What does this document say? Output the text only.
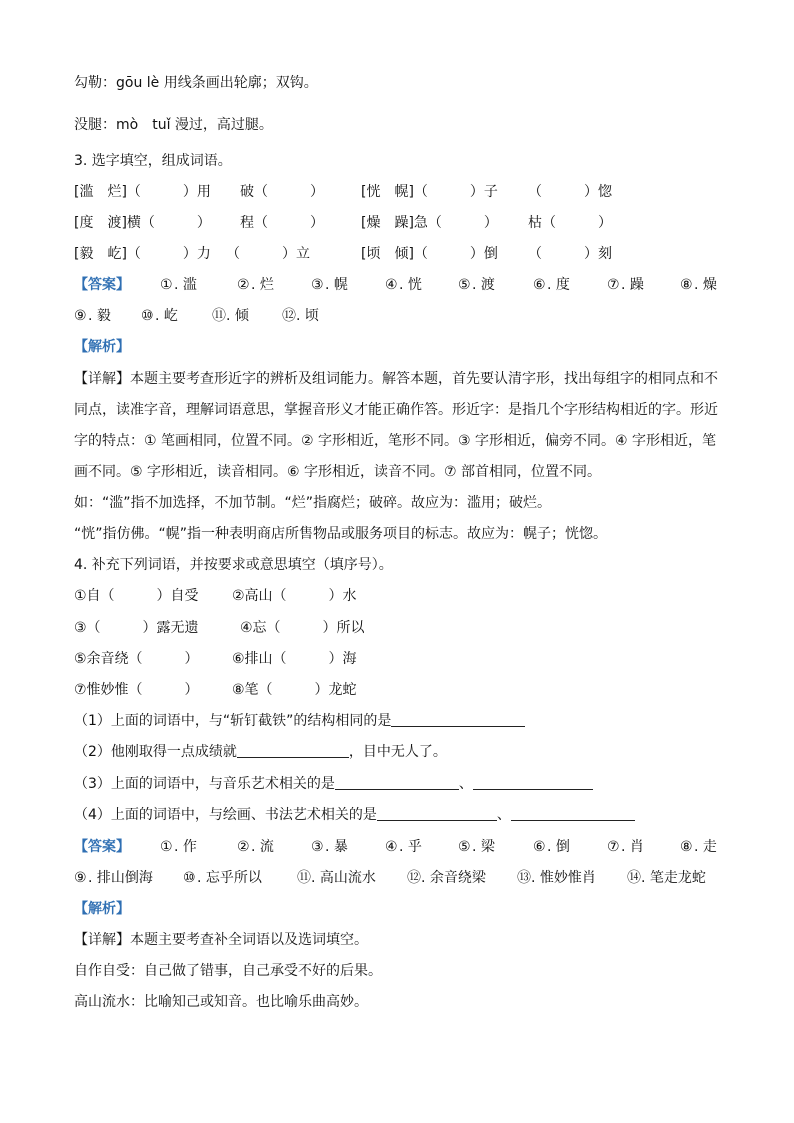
勾勒：gōu lè 用线条画出轮廓；双钩。
没腿：mò　tuǐ 漫过，高过腿。
3. 选字填空，组成词语。
[滥　烂]（　　　）用 破（　　　）	[恍　幌]（　　　）子 （　　　）惚
[度　渡]横（　　　） 程（　　　）	[燥　躁]急（　　　） 枯（　　　）
[毅　屹]（　　　）力 （　　　）立	[顷　倾]（　　　）倒 （　　　）刻
【答案】 ①. 滥	②. 烂	③. 幌	④. 恍	⑤. 渡	⑥. 度	⑦. 躁	⑧. 燥
⑨. 毅 ⑩. 屹 ⑪. 倾 ⑫. 顷
【解析】
【详解】本题主要考查形近字的辨析及组词能力。解答本题，首先要认清字形，找出每组字的相同点和不
同点，读准字音，理解词语意思，掌握音形义才能正确作答。形近字：是指几个字形结构相近的字。形近
字的特点：① 笔画相同，位置不同。② 字形相近，笔形不同。③ 字形相近，偏旁不同。④ 字形相近，笔
画不同。⑤ 字形相近，读音相同。⑥ 字形相近，读音不同。⑦ 部首相同，位置不同。
如：“滥”指不加选择，不加节制。“烂”指腐烂；破碎。故应为：滥用；破烂。
“恍”指仿佛。“幌”指一种表明商店所售物品或服务项目的标志。故应为：幌子；恍惚。
4. 补充下列词语，并按要求或意思填空（填序号）。
①自（　　　）自受 ②高山（　　　）水
③（　　　）露无遗	④忘（　　　）所以
⑤余音绕（　　　） ⑥排山（　　　）海
⑦惟妙惟（　　　） ⑧笔（　　　）龙蛇
（1）上面的词语中，与“斩钉截铁”的结构相同的是
（2）他刚取得一点成绩就	，目中无人了。
（3）上面的词语中，与音乐艺术相关的是	、
（4）上面的词语中，与绘画、书法艺术相关的是	、
【答案】 ①. 作	②. 流	③. 暴	④. 乎	⑤. 梁	⑥. 倒	⑦. 肖	⑧. 走
⑨. 排山倒海 ⑩. 忘乎所以	⑪. 高山流水 ⑫. 余音绕梁 ⑬. 惟妙惟肖 ⑭. 笔走龙蛇
【解析】
【详解】本题主要考查补全词语以及选词填空。
自作自受：自己做了错事，自己承受不好的后果。
高山流水：比喻知己或知音。也比喻乐曲高妙。
